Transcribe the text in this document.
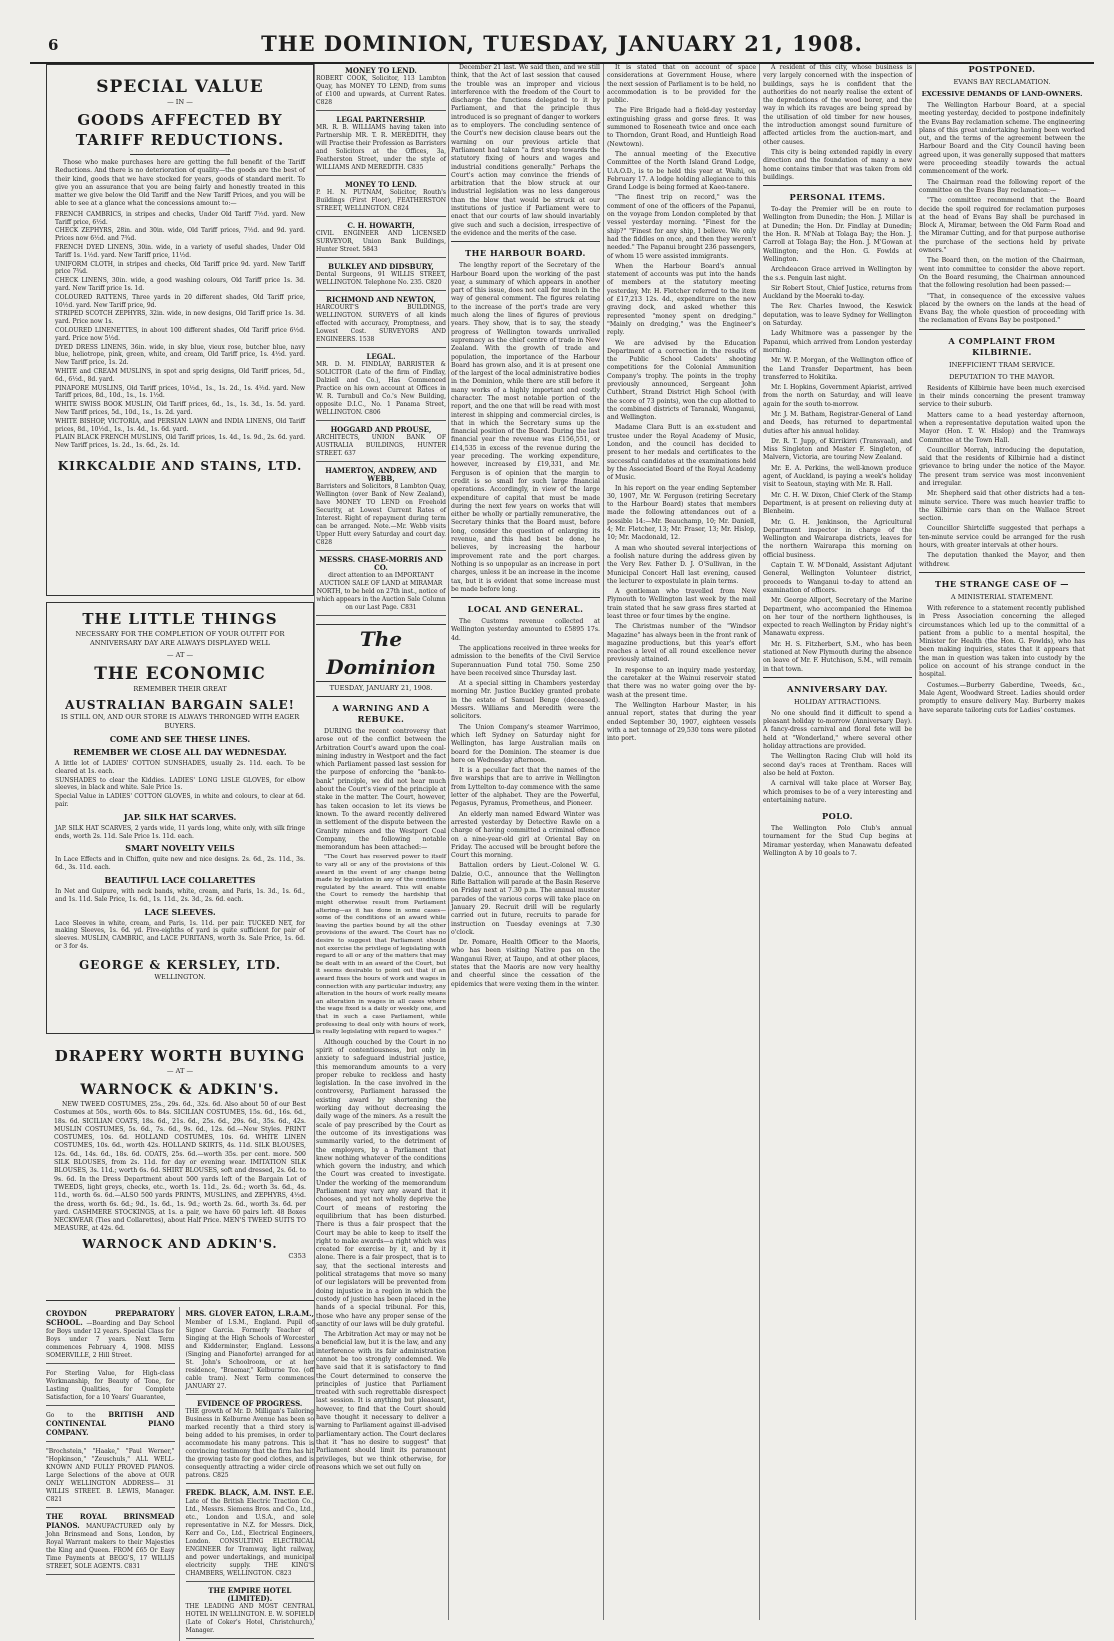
6	THE DOMINION, TUESDAY, JANUARY 21, 1908.
SPECIAL VALUE
— IN —
GOODS AFFECTED BY TARIFF REDUCTIONS.

Those who make purchases here are getting the full benefit of the Tariff Reductions. And there is no deterioration of quality—the goods are the best of their kind, goods that we have stocked for years, goods of standard merit. To give you an assurance that you are being fairly and honestly treated in this matter we give below the Old Tariff and the New Tariff Prices, and you will be able to see at a glance what the concessions amount to:—

FRENCH CAMBRICS, in stripes and checks, Under Old Tariff 7½d. yard. New Tariff price, 6½d.
CHECK ZEPHYRS, 28in. and 30in. wide, Old Tariff prices, 7½d. and 9d. yard. Prices now 6½d. and 7¾d.
FRENCH DYED LINENS, 30in. wide, in a variety of useful shades, Under Old Tariff 1s. 1½d. yard. New Tariff price, 11½d.
UNIFORM CLOTH, in stripes and checks, Old Tariff price 9d. yard. New Tariff price 7¾d.
CHECK LINENS, 30in. wide, a good washing colours, Old Tariff price 1s. 3d. yard. New Tariff price 1s. 1d.
COLOURED RATTENS, Three yards in 20 different shades, Old Tariff price, 10½d. yard. New Tariff price, 9d.
STRIPED SCOTCH ZEPHYRS, 32in. wide, in new designs, Old Tariff price 1s. 3d. yard. Price now 1s.
COLOURED LINENETTES, in about 100 different shades, Old Tariff price 6½d. yard. Price now 5½d.
DYED DRESS LINENS, 36in. wide, in sky blue, vieux rose, butcher blue, navy blue, heliotrope, pink, green, white, and cream, Old Tariff price, 1s. 4½d. yard. New Tariff price, 1s. 2d.
WHITE and CREAM MUSLINS, in spot and sprig designs, Old Tariff prices, 5d., 6d., 6½d., 8d. yard.
PINAFORE MUSLINS, Old Tariff prices, 10½d., 1s., 1s. 2d., 1s. 4½d. yard. New Tariff prices, 8d., 10d., 1s., 1s. 1½d.
WHITE SWISS BOOK MUSLIN, Old Tariff prices, 6d., 1s., 1s. 3d., 1s. 5d. yard. New Tariff prices, 5d., 10d., 1s., 1s. 2d. yard.
WHITE BISHOP, VICTORIA, and PERSIAN LAWN and INDIA LINENS, Old Tariff prices, 8d., 10½d., 1s., 1s. 4d., 1s. 6d. yard.
PLAIN BLACK FRENCH MUSLINS, Old Tariff prices, 1s. 4d., 1s. 9d., 2s. 6d. yard. New Tariff prices, 1s. 2d., 1s. 6d., 2s. 1d.
KIRKCALDIE AND STAINS, LTD.
THE LITTLE THINGS
NECESSARY FOR THE COMPLETION OF YOUR OUTFIT FOR ANNIVERSARY DAY ARE ALWAYS DISPLAYED WELL
— AT —
THE ECONOMIC
REMEMBER THEIR GREAT
AUSTRALIAN BARGAIN SALE!
IS STILL ON, AND OUR STORE IS ALWAYS THRONGED WITH EAGER BUYERS.
COME AND SEE THESE LINES.
REMEMBER WE CLOSE ALL DAY WEDNESDAY.
A little lot of LADIES' COTTON SUNSHADES, usually 2s. 11d. each. To be cleared at 1s. each.
SUNSHADES to clear the Kiddies. LADIES' LONG LISLE GLOVES, for elbow sleeves, in black and white. Sale Price 1s.
Special Value in LADIES' COTTON GLOVES, in white and colours, to clear at 6d. pair.
JAP. SILK HAT SCARVES.
JAP. SILK HAT SCARVES, 2 yards wide, 11 yards long, white only, with silk fringe ends, worth 2s. 11d. Sale Price 1s. 11d. each.
SMART NOVELTY VEILS
In Lace Effects and in Chiffon, quite new and nice designs. 2s. 6d., 2s. 11d., 3s. 6d., 3s. 11d. each.
BEAUTIFUL LACE COLLARETTES
In Net and Guipure, with neck bands, white, cream, and Paris, 1s. 3d., 1s. 6d., and 1s. 11d. Sale Price, 1s. 6d., 1s. 11d., 2s. 3d., 2s. 6d. each.
LACE SLEEVES.
Lace Sleeves in white, cream, and Paris, 1s. 11d. per pair. TUCKED NET, for making Sleeves, 1s. 6d. yd. Five-eighths of yard is quite sufficient for pair of sleeves. MUSLIN, CAMBRIC, and LACE PURITANS, worth 3s. Sale Price, 1s. 6d. or 3 for 4s.
GEORGE & KERSLEY, LTD.
WELLINGTON.
DRAPERY WORTH BUYING
— AT —
WARNOCK & ADKIN'S.

NEW TWEED COSTUMES, 25s., 29s. 6d., 32s. 6d. Also about 50 of our Best Costumes at 50s., worth 60s. to 84s. SICILIAN COSTUMES, 15s. 6d., 16s. 6d., 18s. 6d. SICILIAN COATS, 18s. 6d., 21s. 6d., 25s. 6d., 29s. 6d., 35s. 6d., 42s. MUSLIN COSTUMES, 5s. 6d., 7s. 6d., 9s. 6d., 12s. 6d.—New Styles. PRINT COSTUMES, 10s. 6d. HOLLAND COSTUMES, 10s. 6d. WHITE LINEN COSTUMES, 10s. 6d., worth 42s. HOLLAND SKIRTS, 4s. 11d. SILK BLOUSES, 12s. 6d., 14s. 6d., 18s. 6d. COATS, 25s. 6d.—worth 35s. per cent. more. 500 SILK BLOUSES, from 2s. 11d. for day or evening wear. IMITATION SILK BLOUSES, 3s. 11d.; worth 6s. 6d. SHIRT BLOUSES, soft and dressed, 2s. 6d. to 9s. 6d. In the Dress Department about 500 yards left of the Bargain Lot of TWEEDS, light greys, checks, etc., worth 1s. 11d., 2s. 6d.; worth 3s. 6d., 4s. 11d., worth 6s. 6d.—ALSO 500 yards PRINTS, MUSLINS, and ZEPHYRS, 4½d. the dress, worth 6s. 6d.; 9d., 1s. 6d., 1s. 9d.; worth 2s. 6d., worth 3s. 6d. per yard. CASHMERE STOCKINGS, at 1s. a pair, we have 60 pairs left. 48 Boxes NECKWEAR (Ties and Collarettes), about Half Price. MEN'S TWEED SUITS TO MEASURE, at 42s. 6d.

WARNOCK AND ADKIN'S.
C353
CROYDON PREPARATORY SCHOOL. —Boarding and Day School for Boys under 12 years. Special Class for Boys under 7 years. Next Term commences February 4, 1908. MISS SOMERVILLE, 2 Hill Street.
For Sterling Value, for High-class Workmanship, for Beauty of Tone, for Lasting Qualities, for Complete Satisfaction, for a 10 Years' Guarantee,
Go to the BRITISH AND CONTINENTAL PIANO COMPANY.
"Brochstein," "Haake," "Paul Werner," "Hopkinson," "Zeuschuls," ALL WELL-KNOWN AND FULLY PROVED PIANOS. Large Selections of the above at OUR ONLY WELLINGTON ADDRESS— 31 WILLIS STREET. B. LEWIS, Manager. C821
THE ROYAL BRINSMEAD PIANOS. MANUFACTURED only by John Brinsmead and Sons, London, by Royal Warrant makers to their Majesties the King and Queen. FROM £65 Or Easy Time Payments at BEGG'S, 17 WILLIS STREET, SOLE AGENTS. C831
MRS. GLOVER EATON, L.R.A.M., Member of I.S.M., England. Pupil of Signor Garcia. Formerly Teacher of Singing at the High Schools of Worcester and Kidderminster, England. Lessons (Singing and Pianoforte) arranged for at St. John's Schoolroom, or at her residence, "Braemar," Kelburne Tce. (off cable tram). Next Term commences JANUARY 27.
EVIDENCE OF PROGRESS.
THE growth of Mr. D. Milligan's Tailoring Business in Kelburne Avenue has been so marked recently that a third story is being added to his premises, in order to accommodate his many patrons. This is convincing testimony that the firm has hit the growing taste for good clothes, and is consequently attracting a wider circle of patrons. C825
FREDK. BLACK, A.M. INST. E.E. Late of the British Electric Traction Co., Ltd., Messrs. Siemens Bros. and Co., Ltd., etc., London and U.S.A., and sole representative in N.Z. for Messrs. Dick, Kerr and Co., Ltd., Electrical Engineers, London. CONSULTING ELECTRICAL ENGINEER for Tramway, light railway, and power undertakings, and municipal electricity supply. THE KING'S CHAMBERS, WELLINGTON. C823
THE EMPIRE HOTEL (LIMITED).
THE LEADING AND MOST CENTRAL HOTEL IN WELLINGTON. E. W. SOFIELD (Late of Coker's Hotel, Christchurch), Manager.
MONEY TO LEND.
ROBERT COOK, Solicitor, 113 Lambton Quay, has MONEY TO LEND, from sums of £100 and upwards, at Current Rates. C828
LEGAL PARTNERSHIP.
MR. R. B. WILLIAMS having taken into Partnership MR. T. R. MEREDITH, they will Practise their Profession as Barristers and Solicitors at the Offices, 3a, Featherston Street, under the style of WILLIAMS AND MEREDITH. C835
MONEY TO LEND.
P. H. N. PUTNAM, Solicitor, Routh's Buildings (First Floor), FEATHERSTON STREET, WELLINGTON. C824
C. H. HOWARTH,
CIVIL ENGINEER AND LICENSED SURVEYOR, Union Bank Buildings, Hunter Street. 5843
BULKLEY AND DIDSBURY,
Dental Surgeons, 91 WILLIS STREET, WELLINGTON. Telephone No. 235. C820
RICHMOND AND NEWTON,
HARCOURT'S BUILDINGS, WELLINGTON. SURVEYS of all kinds effected with accuracy, Promptness, and Lowest Cost. SURVEYORS AND ENGINEERS. 1538
LEGAL.
MR. D. M. FINDLAY, BARRISTER & SOLICITOR (Late of the firm of Findlay, Dalziell and Co.), Has Commenced Practice on his own account at Offices in W. R. Turnbull and Co.'s New Building, opposite D.I.C., No. 1 Panama Street, WELLINGTON. C806
HOGGARD AND PROUSE,
ARCHITECTS, UNION BANK OF AUSTRALIA BUILDINGS, HUNTER STREET. 637
HAMERTON, ANDREW, AND WEBB,
Barristers and Solicitors, 8 Lambton Quay, Wellington (over Bank of New Zealand), have MONEY TO LEND on Freehold Security, at Lowest Current Rates of Interest. Right of repayment during term can be arranged. Note.—Mr. Webb visits Upper Hutt every Saturday and court day. C828
MESSRS. CHASE-MORRIS AND CO.
direct attention to an IMPORTANT AUCTION SALE OF LAND at MIRAMAR NORTH, to be held on 27th inst., notice of which appears in the Auction Sale Column on our Last Page. C831
The Dominion
TUESDAY, JANUARY 21, 1908.
A WARNING AND A REBUKE.

DURING the recent controversy that arose out of the conflict between the Arbitration Court's award upon the coal-mining industry in Westport and the fact which Parliament passed last session for the purpose of enforcing the "bank-to-bank" principle, we did not hear much about the Court's view of the principle at stake in the matter. The Court, however, has taken occasion to let its views be known. To the award recently delivered in settlement of the dispute between the Granity miners and the Westport Coal Company, the following notable memorandum has been attached:—

"The Court has reserved power to itself to vary all or any of the provisions of this award in the event of any change being made by legislation in any of the conditions regulated by the award. This will enable the Court to remedy the hardship that might otherwise result from Parliament altering—as it has done in some cases—some of the conditions of an award while leaving the parties bound by all the other provisions of the award. The Court has no desire to suggest that Parliament should not exercise the privilege of legislating with regard to all or any of the matters that may be dealt with in an award of the Court, but it seems desirable to point out that if an award fixes the hours of work and wages in connection with any particular industry, any alteration in the hours of work really means an alteration in wages in all cases where the wage fixed is a daily or weekly one, and that in such a case Parliament, while professing to deal only with hours of work, is really legislating with regard to wages."

Although couched by the Court in no spirit of contentiousness, but only in anxiety to safeguard industrial justice, this memorandum amounts to a very proper rebuke to reckless and hasty legislation. In the case involved in the controversy, Parliament harassed the existing award by shortening the working day without decreasing the daily wage of the miners. As a result the scale of pay prescribed by the Court as the outcome of its investigations was summarily varied, to the detriment of the employers, by a Parliament that knew nothing whatever of the conditions which govern the industry, and which the Court was created to investigate. Under the working of the memorandum Parliament may vary any award that it chooses, and yet not wholly deprive the Court of means of restoring the equilibrium that has been disturbed. There is thus a fair prospect that the Court may be able to keep to itself the right to make awards—a right which was created for exercise by it, and by it alone. There is a fair prospect, that is to say, that the sectional interests and political stratagems that move so many of our legislators will be prevented from doing injustice in a region in which the custody of justice has been placed in the hands of a special tribunal. For this, those who have any proper sense of the sanctity of our laws will be duly grateful.

The Arbitration Act may or may not be a beneficial law, but it is the law, and any interference with its fair administration cannot be too strongly condemned. We have said that it is satisfactory to find the Court determined to conserve the principles of justice that Parliament treated with such regrettable disrespect last session. It is anything but pleasant, however, to find that the Court should have thought it necessary to deliver a warning to Parliament against ill-advised parliamentary action. The Court declares that it "has no desire to suggest" that Parliament should limit its paramount privileges, but we think otherwise, for reasons which we set out fully on

December 21 last. We said then, and we still think, that the Act of last session that caused the trouble was an improper and vicious interference with the freedom of the Court to discharge the functions delegated to it by Parliament, and that the principle thus introduced is so pregnant of danger to workers as to employers. The concluding sentence of the Court's new decision clause bears out the warning on our previous article that Parliament had taken "a first step towards the statutory fixing of hours and wages and industrial conditions generally." Perhaps the Court's action may convince the friends of arbitration that the blow struck at our industrial legislation was no less dangerous than the blow that would be struck at our institutions of justice if Parliament were to enact that our courts of law should invariably give such and such a decision, irrespective of the evidence and the merits of the case.

THE HARBOUR BOARD.

The lengthy report of the Secretary of the Harbour Board upon the working of the past year, a summary of which appears in another part of this issue, does not call for much in the way of general comment. The figures relating to the increase of the port's trade are very much along the lines of figures of previous years. They show, that is to say, the steady progress of Wellington towards unrivalled supremacy as the chief centre of trade in New Zealand. With the growth of trade and population, the importance of the Harbour Board has grown also, and it is at present one of the largest of the local administrative bodies in the Dominion, while there are still before it many works of a highly important and costly character. The most notable portion of the report, and the one that will be read with most interest in shipping and commercial circles, is that in which the Secretary sums up the financial position of the Board. During the last financial year the revenue was £156,551, or £14,535 in excess of the revenue during the year preceding. The working expenditure, however, increased by £19,331, and Mr. Ferguson is of opinion that the margin to credit is so small for such large financial operations. Accordingly, in view of the large expenditure of capital that must be made during the next few years on works that will either be wholly or partially remunerative, the Secretary thinks that the Board must, before long, consider the question of enlarging its revenue, and this had best be done, he believes, by increasing the harbour improvement rate and the port charges. Nothing is so unpopular as an increase in port charges, unless it be an increase in the income tax, but it is evident that some increase must be made before long.

LOCAL AND GENERAL.

The Customs revenue collected at Wellington yesterday amounted to £5895 17s. 4d.

The applications received in three weeks for admission to the benefits of the Civil Service Superannuation Fund total 750. Some 250 have been received since Thursday last.

At a special sitting in Chambers yesterday morning Mr. Justice Buckley granted probate in the estate of Samuel Benge (deceased). Messrs. Williams and Meredith were the solicitors.

The Union Company's steamer Warrimoo, which left Sydney on Saturday night for Wellington, has large Australian mails on board for the Dominion. The steamer is due here on Wednesday afternoon.

It is a peculiar fact that the names of the five warships that are to arrive in Wellington from Lyttelton to-day commence with the same letter of the alphabet. They are the Powerful, Pegasus, Pyramus, Prometheus, and Pioneer.

An elderly man named Edward Winter was arrested yesterday by Detective Rawle on a charge of having committed a criminal offence on a nine-year-old girl at Oriental Bay on Friday. The accused will be brought before the Court this morning.

Battalion orders by Lieut.-Colonel W. G. Dalzie, O.C., announce that the Wellington Rifle Battalion will parade at the Basin Reserve on Friday next at 7.30 p.m. The annual muster parades of the various corps will take place on January 29. Recruit drill will be regularly carried out in future, recruits to parade for instruction on Tuesday evenings at 7.30 o'clock.

Dr. Pomare, Health Officer to the Maoris, who has been visiting Native pas on the Wanganui River, at Taupo, and at other places, states that the Maoris are now very healthy and cheerful since the cessation of the epidemics that were vexing them in the winter.

It is stated that on account of space considerations at Government House, where the next session of Parliament is to be held, no accommodation is to be provided for the public.

The Fire Brigade had a field-day yesterday extinguishing grass and gorse fires. It was summoned to Roseneath twice and once each to Thorndon, Grant Road, and Huntleigh Road (Newtown).

The annual meeting of the Executive Committee of the North Island Grand Lodge, U.A.O.D., is to be held this year at Waihi, on February 17. A lodge holding allegiance to this Grand Lodge is being formed at Kaeo-tanere.

"The finest trip on record," was the comment of one of the officers of the Papanui, on the voyage from London completed by that vessel yesterday morning. "Finest for the ship?" "Finest for any ship, I believe. We only had the fiddles on once, and then they weren't needed." The Papanui brought 236 passengers, of whom 15 were assisted immigrants.

When the Harbour Board's annual statement of accounts was put into the hands of members at the statutory meeting yesterday, Mr. H. Fletcher referred to the item of £17,213 12s. 4d., expenditure on the new graving dock, and asked whether this represented "money spent on dredging." "Mainly on dredging," was the Engineer's reply.

We are advised by the Education Department of a correction in the results of the Public School Cadets' shooting competitions for the Colonial Ammunition Company's trophy. The points in the trophy previously announced, Sergeant John Cuthbert, Strand District High School (with the score of 73 points), won the cup allotted to the combined districts of Taranaki, Wanganui, and Wellington.

Madame Clara Butt is an ex-student and trustee under the Royal Academy of Music, London, and the council has decided to present to her medals and certificates to the successful candidates at the examinations held by the Associated Board of the Royal Academy of Music.

In his report on the year ending September 30, 1907, Mr. W. Ferguson (retiring Secretary to the Harbour Board) states that members made the following attendances out of a possible 14:—Mr. Beauchamp, 10; Mr. Daniell, 4; Mr. Fletcher, 13; Mr. Fraser, 13; Mr. Hislop, 10; Mr. Macdonald, 12.

A man who shouted several interjections of a foolish nature during the address given by the Very Rev. Father D. J. O'Sullivan, in the Municipal Concert Hall last evening, caused the lecturer to expostulate in plain terms.

A gentleman who travelled from New Plymouth to Wellington last week by the mail train stated that he saw grass fires started at least three or four times by the engine.

The Christmas number of the "Windsor Magazine" has always been in the front rank of magazine productions, but this year's effort reaches a level of all round excellence never previously attained.

In response to an inquiry made yesterday, the caretaker at the Wainui reservoir stated that there was no water going over the by-wash at the present time.

The Wellington Harbour Master, in his annual report, states that during the year ended September 30, 1907, eighteen vessels with a net tonnage of 29,530 tons were piloted into port.

A resident of this city, whose business is very largely concerned with the inspection of buildings, says he is confident that the authorities do not nearly realise the extent of the depredations of the wood borer, and the way in which its ravages are being spread by the utilisation of old timber for new houses, the introduction amongst sound furniture of affected articles from the auction-mart, and other causes.

This city is being extended rapidly in every direction and the foundation of many a new home contains timber that was taken from old buildings.

PERSONAL ITEMS.

To-day the Premier will be en route to Wellington from Dunedin; the Hon. J. Millar is at Dunedin; the Hon. Dr. Findlay at Dunedin; the Hon. R. M'Nab at Tolaga Bay; the Hon. J. Carroll at Tolaga Bay; the Hon. J. M'Gowan at Wellington; and the Hon. G. Fowlds at Wellington.

Archdeacon Grace arrived in Wellington by the s.s. Penguin last night.

Sir Robert Stout, Chief Justice, returns from Auckland by the Moeraki to-day.

The Rev. Charles Inwood, the Keswick deputation, was to leave Sydney for Wellington on Saturday.

Lady Whitmore was a passenger by the Papanui, which arrived from London yesterday morning.

Mr. W. P. Morgan, of the Wellington office of the Land Transfer Department, has been transferred to Hokitika.

Mr. I. Hopkins, Government Apiarist, arrived from the north on Saturday, and will leave again for the south to-morrow.

Mr. J. M. Batham, Registrar-General of Land and Deeds, has returned to departmental duties after his annual holiday.

Dr. R. T. Jupp, of Kirrikirri (Transvaal), and Miss Singleton and Master F. Singleton, of Malvern, Victoria, are touring New Zealand.

Mr. E. A. Perkins, the well-known produce agent, of Auckland, is paying a week's holiday visit to Seatoun, staying with Mr. R. Hall.

Mr. C. H. W. Dixon, Chief Clerk of the Stamp Department, is at present on relieving duty at Blenheim.

Mr. G. H. Jenkinson, the Agricultural Department inspector in charge of the Wellington and Wairarapa districts, leaves for the northern Wairarapa this morning on official business.

Captain T. W. M'Donald, Assistant Adjutant General, Wellington Volunteer district, proceeds to Wanganui to-day to attend an examination of officers.

Mr. George Allport, Secretary of the Marine Department, who accompanied the Hinemoa on her tour of the northern lighthouses, is expected to reach Wellington by Friday night's Manawatu express.

Mr. H. S. Fitzherbert, S.M., who has been stationed at New Plymouth during the absence on leave of Mr. F. Hutchison, S.M., will remain in that town.

ANNIVERSARY DAY.
HOLIDAY ATTRACTIONS.

No one should find it difficult to spend a pleasant holiday to-morrow (Anniversary Day). A fancy-dress carnival and floral fete will be held at "Wonderland," where several other holiday attractions are provided.

The Wellington Racing Club will hold its second day's races at Trentham. Races will also be held at Foxton.

A carnival will take place at Worser Bay, which promises to be of a very interesting and entertaining nature.

POLO.

The Wellington Polo Club's annual tournament for the Stud Cup begins at Miramar yesterday, when Manawatu defeated Wellington A by 10 goals to 7.

POSTPONED.
EVANS BAY RECLAMATION.
EXCESSIVE DEMANDS OF LAND-OWNERS.

The Wellington Harbour Board, at a special meeting yesterday, decided to postpone indefinitely the Evans Bay reclamation scheme. The engineering plans of this great undertaking having been worked out, and the terms of the agreement between the Harbour Board and the City Council having been agreed upon, it was generally supposed that matters were proceeding steadily towards the actual commencement of the work.

The Chairman read the following report of the committee on the Evans Bay reclamation:—

"The committee recommend that the Board decide the spoil required for reclamation purposes at the head of Evans Bay shall be purchased in Block A, Miramar, between the Old Farm Road and the Miramar Cutting, and for that purpose authorise the purchase of the sections held by private owners."

The Board then, on the motion of the Chairman, went into committee to consider the above report. On the Board resuming, the Chairman announced that the following resolution had been passed:—

"That, in consequence of the excessive values placed by the owners on the lands at the head of Evans Bay, the whole question of proceeding with the reclamation of Evans Bay be postponed."

A COMPLAINT FROM KILBIRNIE.
INEFFICIENT TRAM SERVICE.
DEPUTATION TO THE MAYOR.

Residents of Kilbirnie have been much exercised in their minds concerning the present tramway service to their suburb.

Matters came to a head yesterday afternoon, when a representative deputation waited upon the Mayor (Hon. T. W. Hislop) and the Tramways Committee at the Town Hall.

Councillor Morrah, introducing the deputation, said that the residents of Kilbirnie had a distinct grievance to bring under the notice of the Mayor. The present tram service was most inconvenient and irregular.

Mr. Shepherd said that other districts had a ten-minute service. There was much heavier traffic to the Kilbirnie cars than on the Wallace Street section.

Councillor Shirtcliffe suggested that perhaps a ten-minute service could be arranged for the rush hours, with greater intervals at other hours.

The deputation thanked the Mayor, and then withdrew.

THE STRANGE CASE OF —
A MINISTERIAL STATEMENT.

With reference to a statement recently published in Press Association concerning the alleged circumstances which led up to the committal of a patient from a public to a mental hospital, the Minister for Health (the Hon. G. Fowlds), who has been making inquiries, states that it appears that the man in question was taken into custody by the police on account of his strange conduct in the hospital.

Costumes.—Burberry Gaberdine, Tweeds, &c., Male Agent, Woodward Street. Ladies should order promptly to ensure delivery May. Burberry makes have separate tailoring cuts for Ladies' costumes.
